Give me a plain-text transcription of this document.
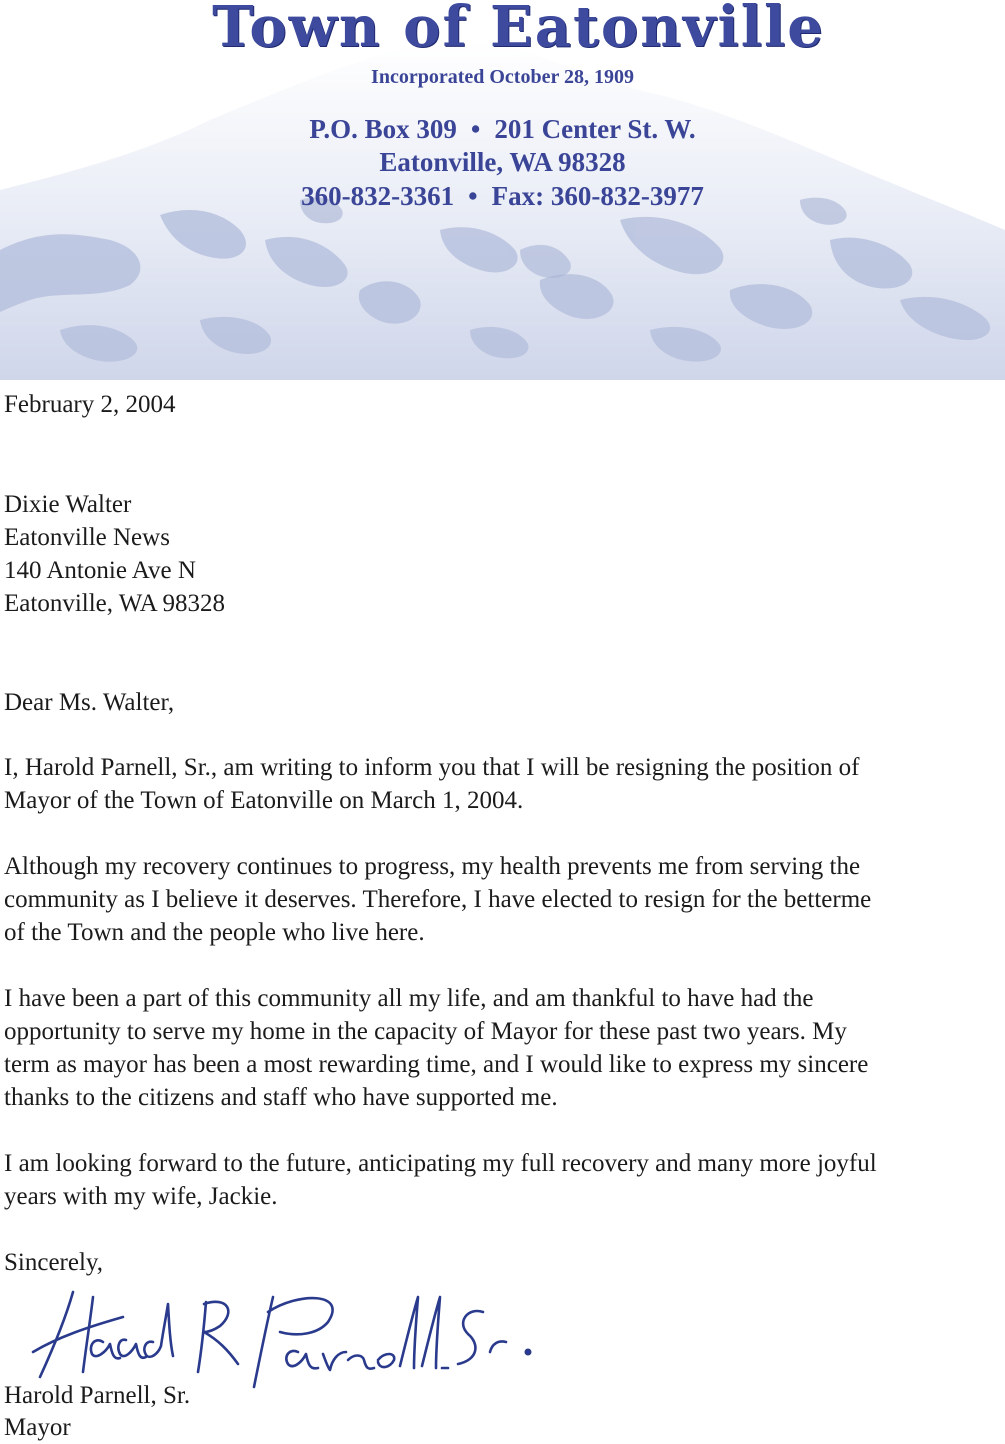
Town of Eatonville
Incorporated October 28, 1909
P.O. Box 309 • 201 Center St. W.
Eatonville, WA 98328
360-832-3361 • Fax: 360-832-3977
February 2, 2004
Dixie Walter
Eatonville News
140 Antonie Ave N
Eatonville, WA 98328
Dear Ms. Walter,
I, Harold Parnell, Sr., am writing to inform you that I will be resigning the position of
Mayor of the Town of Eatonville on March 1, 2004.
Although my recovery continues to progress, my health prevents me from serving the
community as I believe it deserves. Therefore, I have elected to resign for the betterme
of the Town and the people who live here.
I have been a part of this community all my life, and am thankful to have had the
opportunity to serve my home in the capacity of Mayor for these past two years. My
term as mayor has been a most rewarding time, and I would like to express my sincere
thanks to the citizens and staff who have supported me.
I am looking forward to the future, anticipating my full recovery and many more joyful
years with my wife, Jackie.
Sincerely,
Harold R Parnell Sr.
Harold Parnell, Sr.
Mayor
